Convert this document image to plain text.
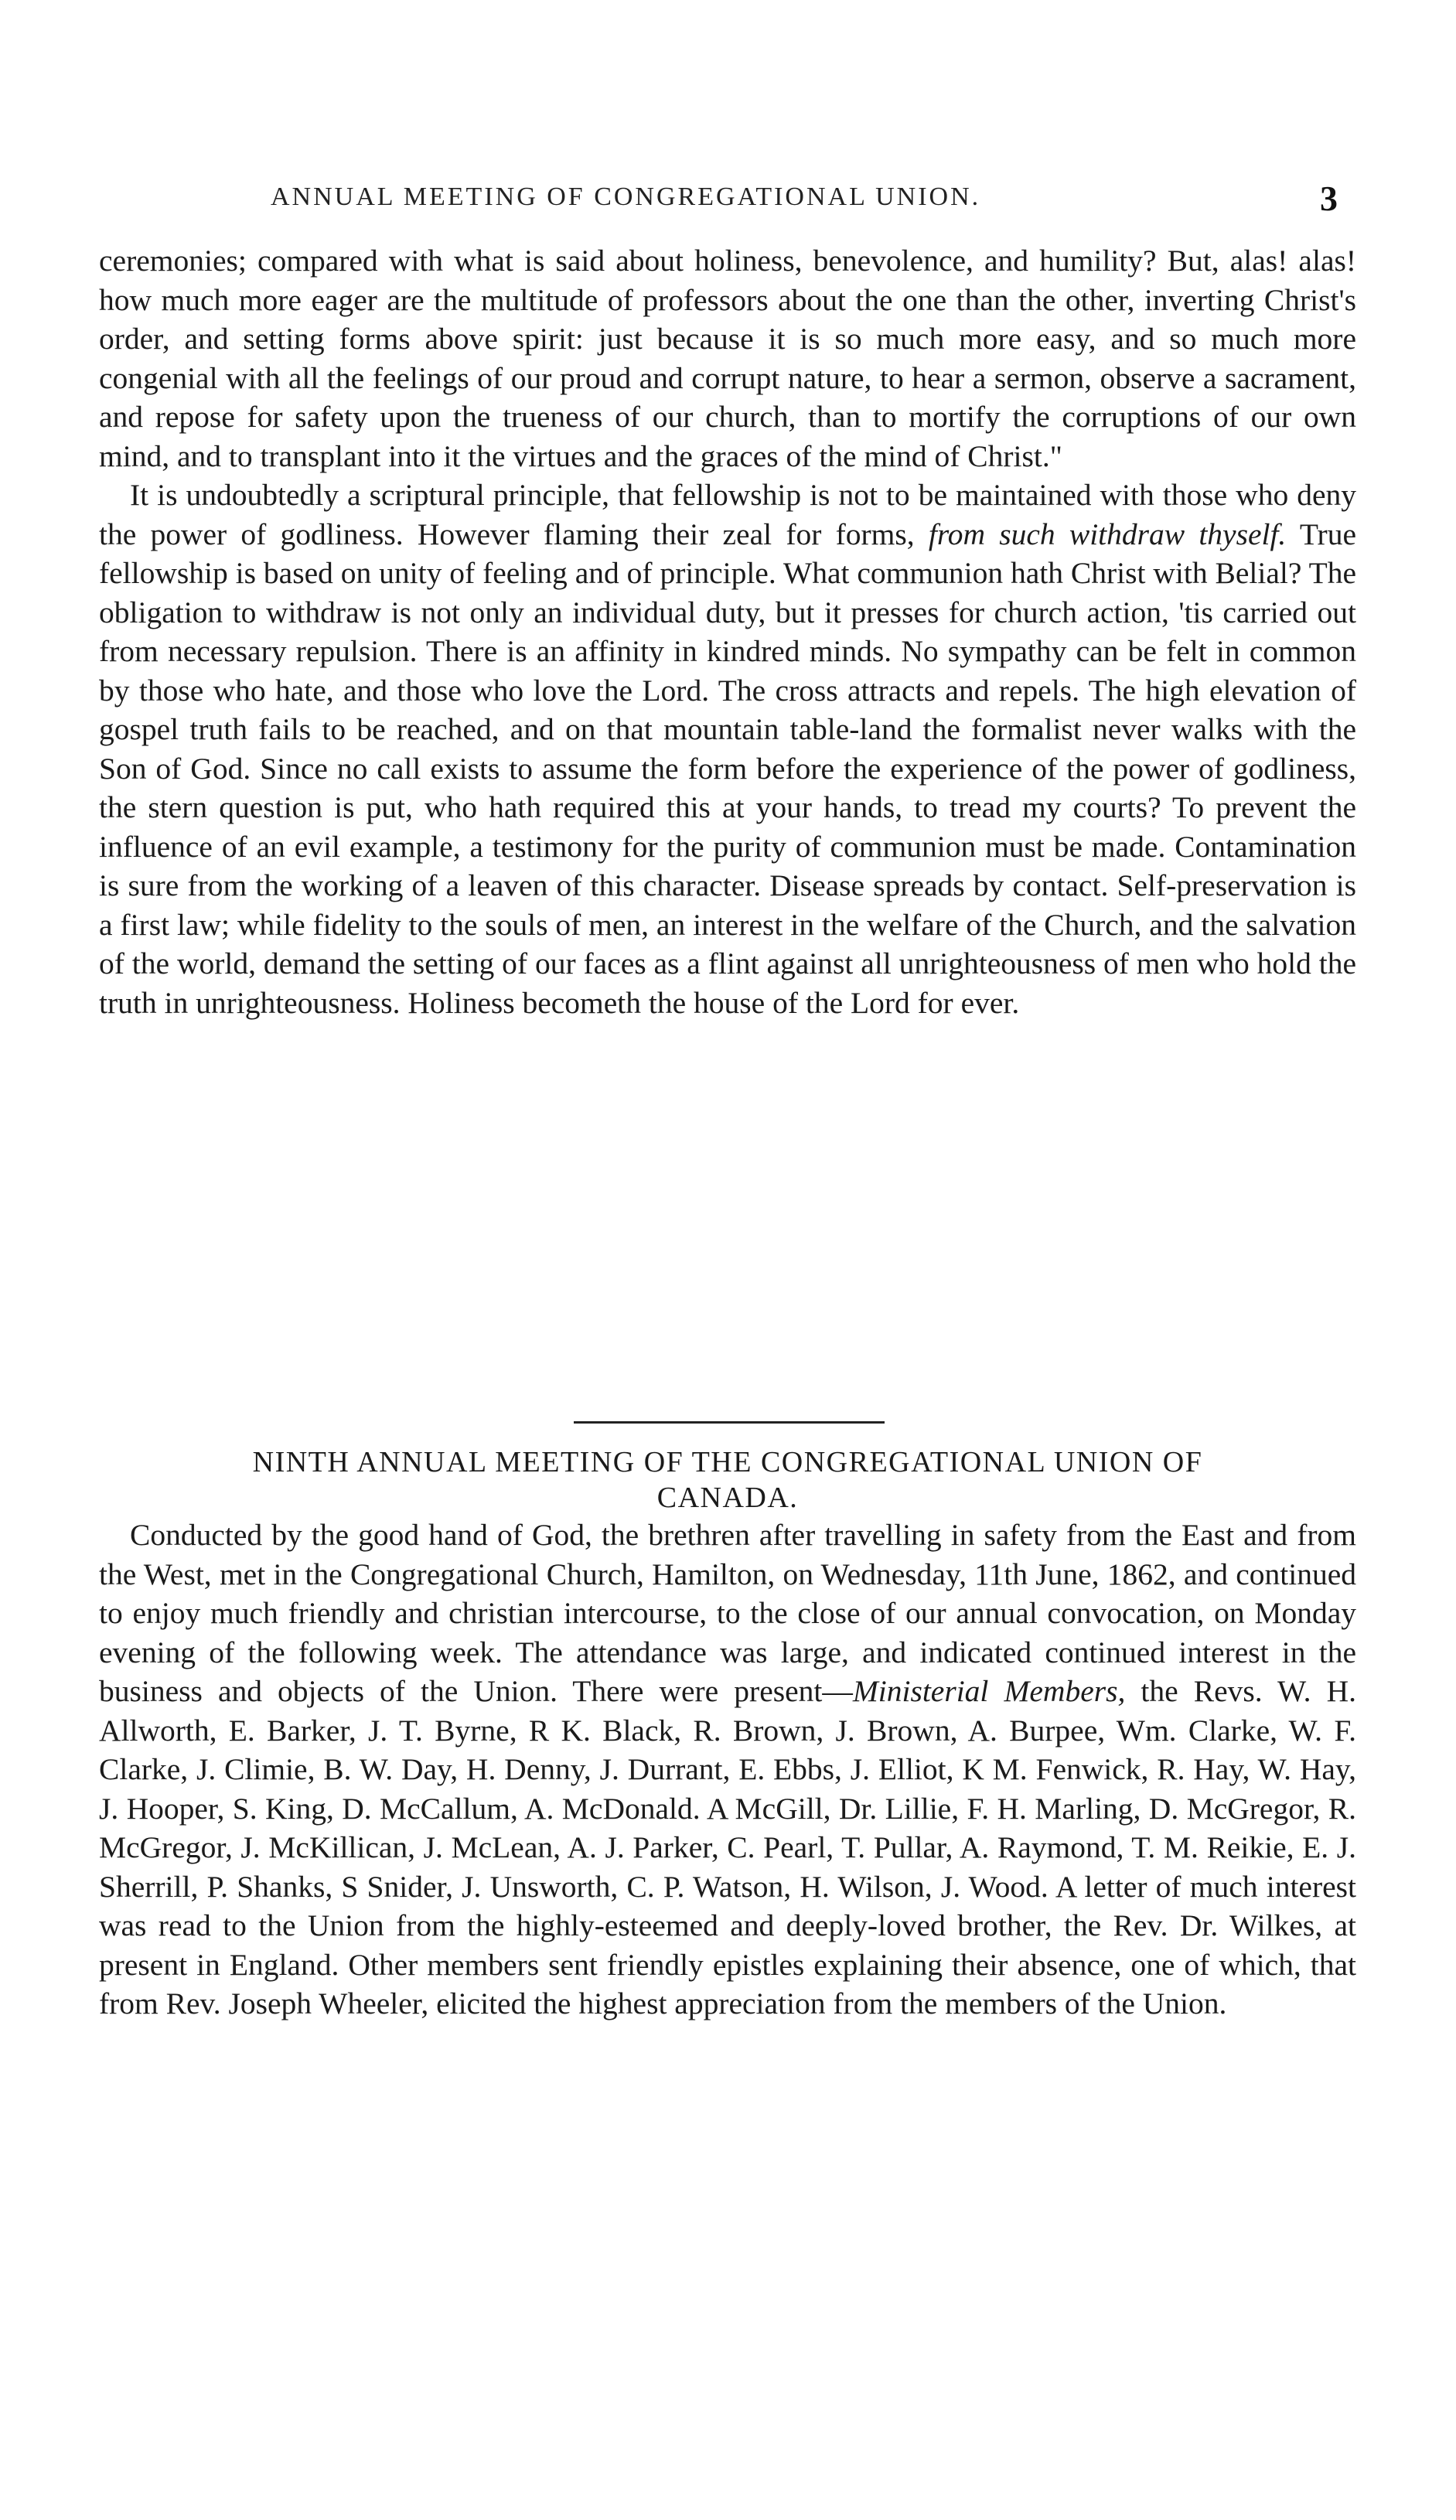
ANNUAL MEETING OF CONGREGATIONAL UNION.	3

ceremonies; compared with what is said about holiness, benevolence, and humility? But, alas! alas! how much more eager are the multitude of professors about the one than the other, inverting Christ's order, and setting forms above spirit: just because it is so much more easy, and so much more congenial with all the feelings of our proud and corrupt nature, to hear a sermon, observe a sacrament, and repose for safety upon the trueness of our church, than to mortify the corruptions of our own mind, and to transplant into it the virtues and the graces of the mind of Christ."

It is undoubtedly a scriptural principle, that fellowship is not to be maintained with those who deny the power of godliness. However flaming their zeal for forms, from such withdraw thyself. True fellowship is based on unity of feeling and of principle. What communion hath Christ with Belial? The obligation to withdraw is not only an individual duty, but it presses for church action, 'tis carried out from necessary repulsion. There is an affinity in kindred minds. No sympathy can be felt in common by those who hate, and those who love the Lord. The cross attracts and repels. The high elevation of gospel truth fails to be reached, and on that mountain table-land the formalist never walks with the Son of God. Since no call exists to assume the form before the experience of the power of godliness, the stern question is put, who hath required this at your hands, to tread my courts? To prevent the influence of an evil example, a testimony for the purity of communion must be made. Contamination is sure from the working of a leaven of this character. Disease spreads by contact. Self-preservation is a first law; while fidelity to the souls of men, an interest in the welfare of the Church, and the salvation of the world, demand the setting of our faces as a flint against all unrighteousness of men who hold the truth in unrighteousness. Holiness becometh the house of the Lord for ever.

NINTH ANNUAL MEETING OF THE CONGREGATIONAL UNION OF
CANADA.

Conducted by the good hand of God, the brethren after travelling in safety from the East and from the West, met in the Congregational Church, Hamilton, on Wednesday, 11th June, 1862, and continued to enjoy much friendly and christian intercourse, to the close of our annual convocation, on Monday evening of the following week. The attendance was large, and indicated continued interest in the business and objects of the Union. There were present—Ministerial Members, the Revs. W. H. Allworth, E. Barker, J. T. Byrne, R K. Black, R. Brown, J. Brown, A. Burpee, Wm. Clarke, W. F. Clarke, J. Climie, B. W. Day, H. Denny, J. Durrant, E. Ebbs, J. Elliot, K M. Fenwick, R. Hay, W. Hay, J. Hooper, S. King, D. McCallum, A. McDonald. A McGill, Dr. Lillie, F. H. Marling, D. McGregor, R. McGregor, J. McKillican, J. McLean, A. J. Parker, C. Pearl, T. Pullar, A. Raymond, T. M. Reikie, E. J. Sherrill, P. Shanks, S Snider, J. Unsworth, C. P. Watson, H. Wilson, J. Wood. A letter of much interest was read to the Union from the highly-esteemed and deeply-loved brother, the Rev. Dr. Wilkes, at present in England. Other members sent friendly epistles explaining their absence, one of which, that from Rev. Joseph Wheeler, elicited the highest appreciation from the members of the Union.
